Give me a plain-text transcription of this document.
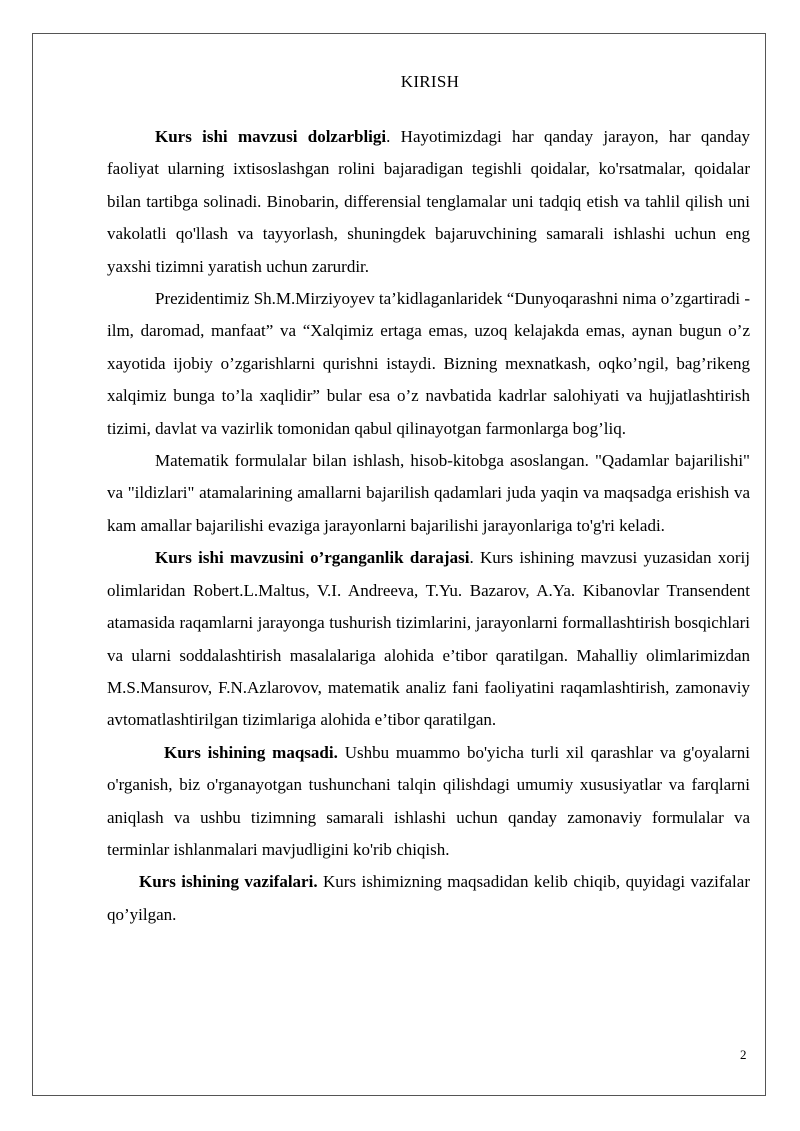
KIRISH

Kurs ishi mavzusi dolzarbligi. Hayotimizdagi har qanday jarayon, har qanday faoliyat ularning ixtisoslashgan rolini bajaradigan tegishli qoidalar, ko'rsatmalar, qoidalar bilan tartibga solinadi. Binobarin, differensial tenglamalar uni tadqiq etish va tahlil qilish uni vakolatli qo'llash va tayyorlash, shuningdek bajaruvchining samarali ishlashi uchun eng yaxshi tizimni yaratish uchun zarurdir.

Prezidentimiz Sh.M.Mirziyoyev ta’kidlaganlaridek “Dunyoqarashni nima o’zgartiradi - ilm, daromad, manfaat” va “Xalqimiz ertaga emas, uzoq kelajakda emas, aynan bugun o’z xayotida ijobiy o’zgarishlarni qurishni istaydi. Bizning mexnatkash, oqko’ngil, bag’rikeng xalqimiz bunga to’la xaqlidir” bular esa o’z navbatida kadrlar salohiyati va hujjatlashtirish tizimi, davlat va vazirlik tomonidan qabul qilinayotgan farmonlarga bog’liq.

Matematik formulalar bilan ishlash, hisob-kitobga asoslangan. "Qadamlar bajarilishi" va "ildizlari" atamalarining amallarni bajarilish qadamlari juda yaqin va maqsadga erishish va kam amallar bajarilishi evaziga jarayonlarni bajarilishi jarayonlariga to'g'ri keladi.

Kurs ishi mavzusini o’rganganlik darajasi. Kurs ishining mavzusi yuzasidan xorij olimlaridan Robert.L.Maltus, V.I. Andreeva, T.Yu. Bazarov, A.Ya. Kibanovlar Transendent atamasida raqamlarni jarayonga tushurish tizimlarini, jarayonlarni formallashtirish bosqichlari va ularni soddalashtirish masalalariga alohida e’tibor qaratilgan. Mahalliy olimlarimizdan M.S.Mansurov, F.N.Azlarovov, matematik analiz fani faoliyatini raqamlashtirish, zamonaviy avtomatlashtirilgan tizimlariga alohida e’tibor qaratilgan.

Kurs ishining maqsadi. Ushbu muammo bo'yicha turli xil qarashlar va g'oyalarni o'rganish, biz o'rganayotgan tushunchani talqin qilishdagi umumiy xususiyatlar va farqlarni aniqlash va ushbu tizimning samarali ishlashi uchun qanday zamonaviy formulalar va terminlar ishlanmalari mavjudligini ko'rib chiqish.

Kurs ishining vazifalari. Kurs ishimizning maqsadidan kelib chiqib, quyidagi vazifalar qo’yilgan.

2
